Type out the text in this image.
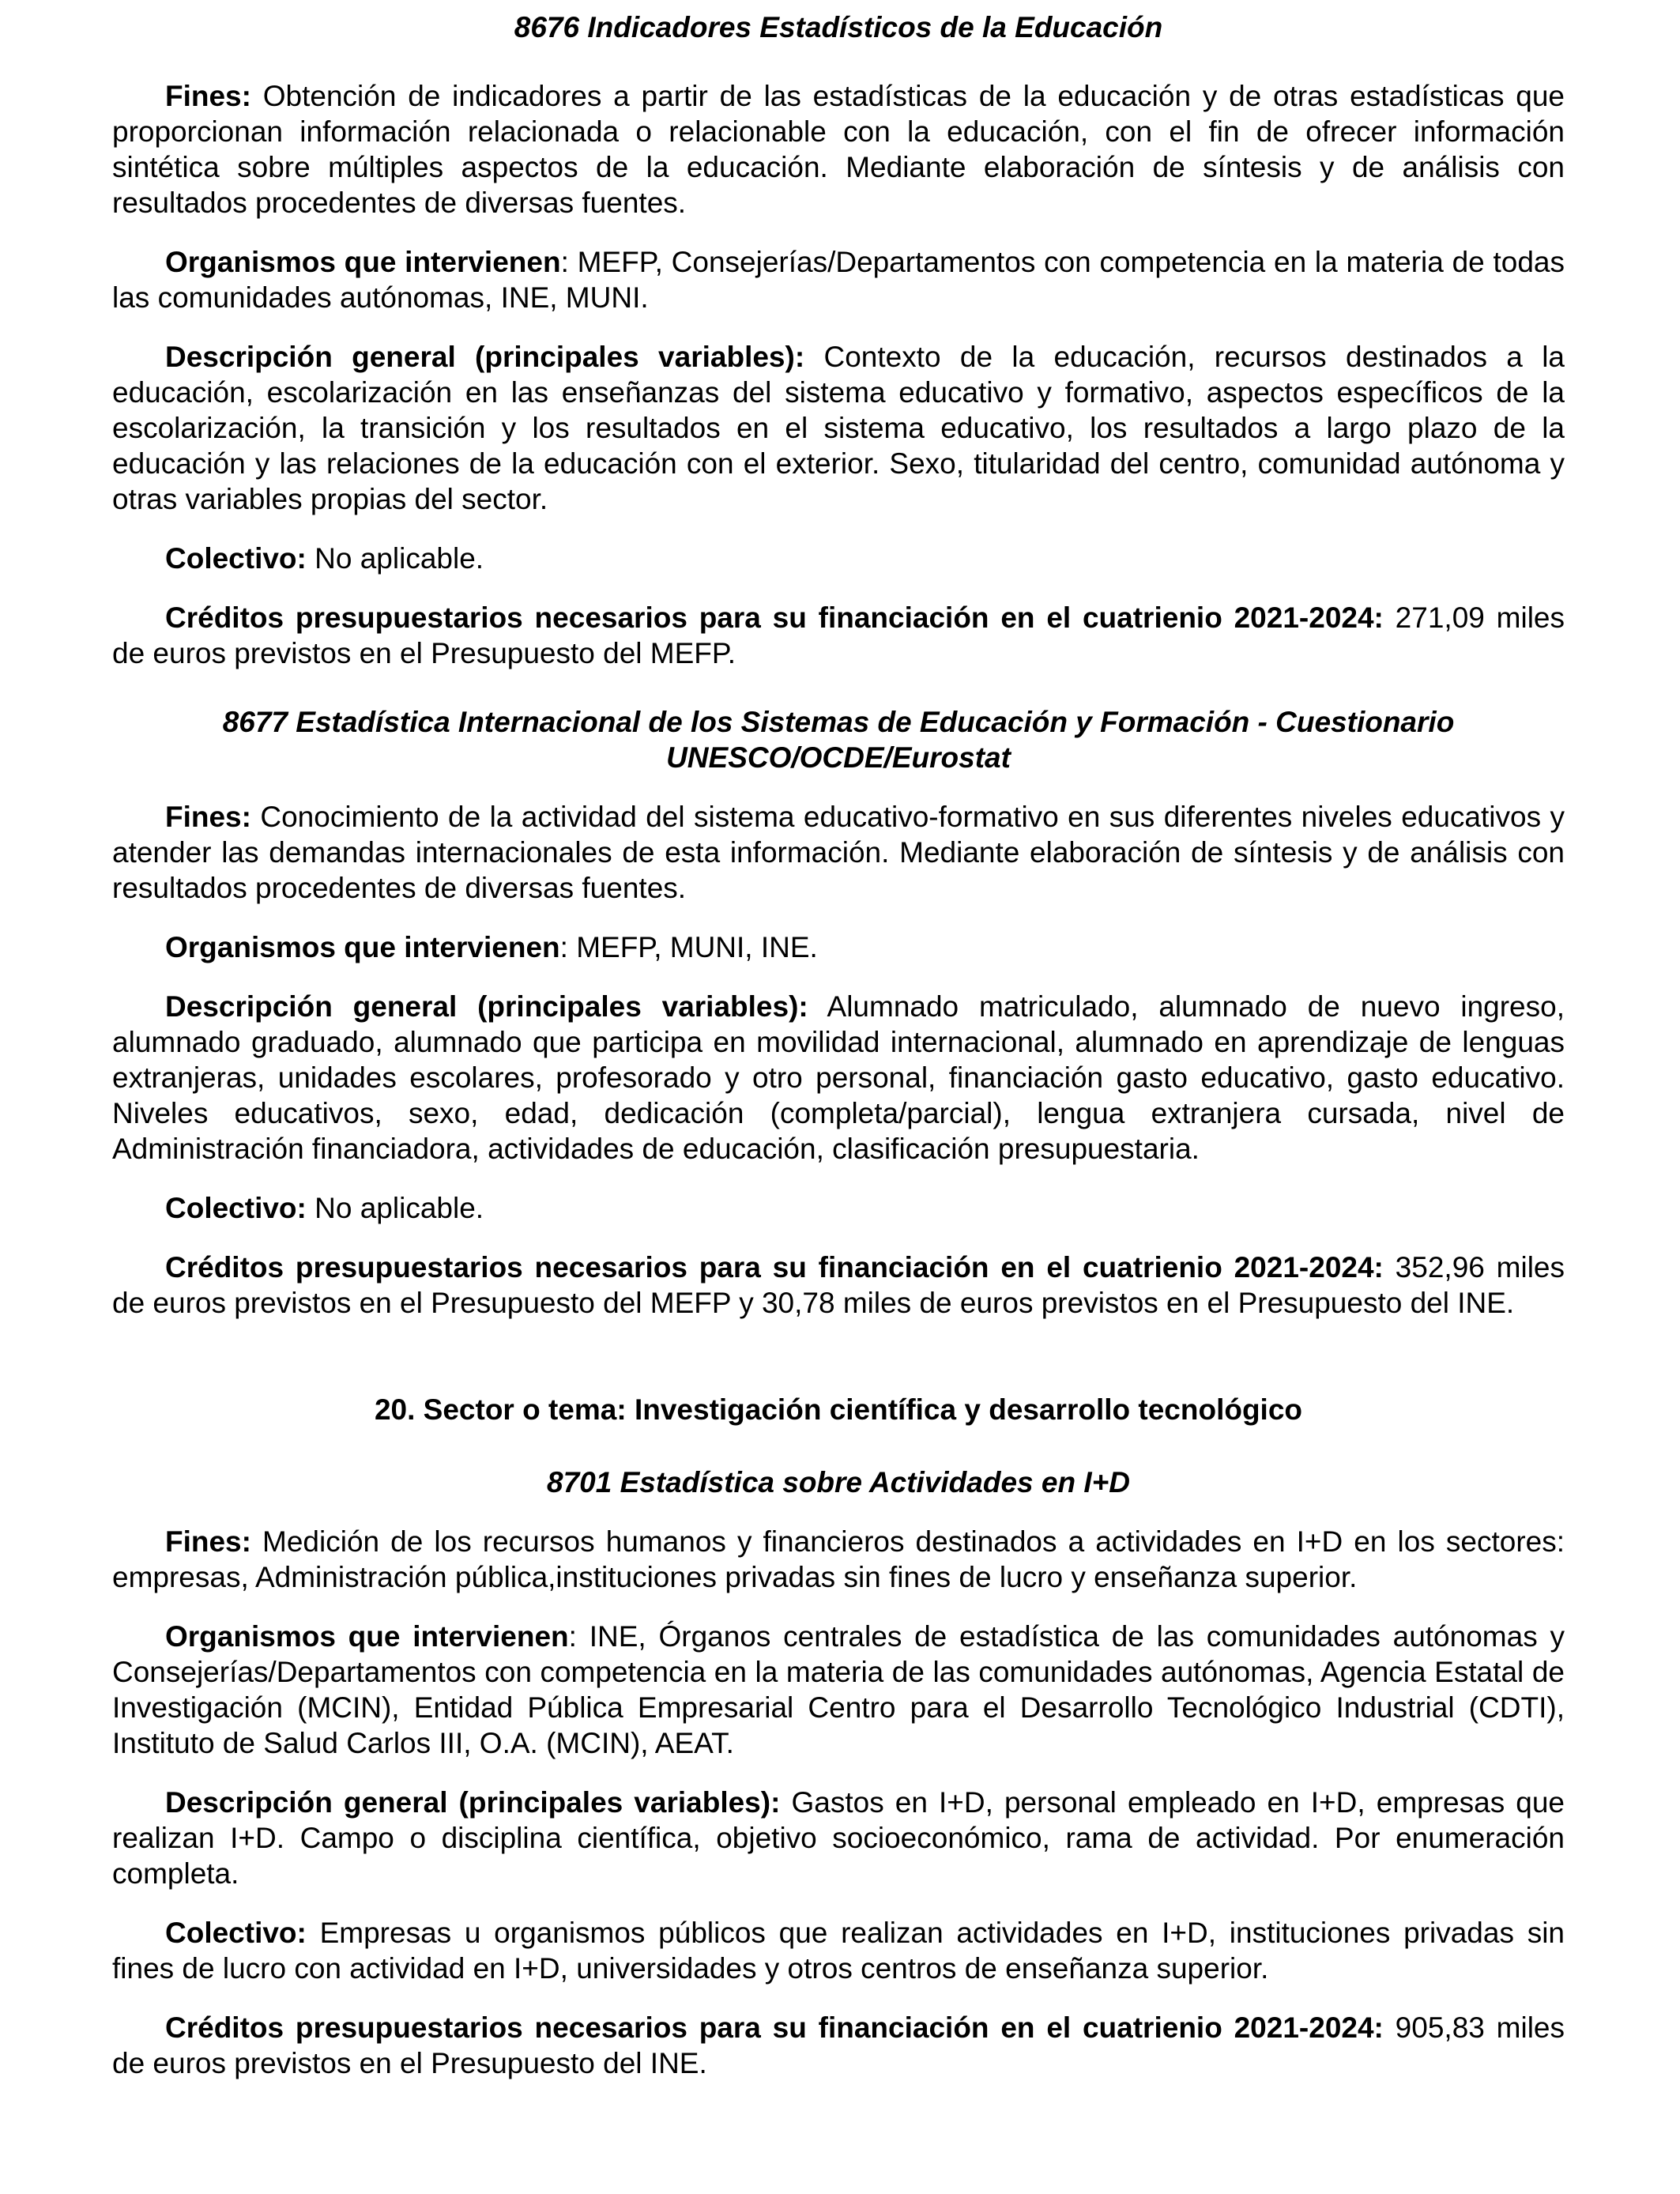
8676 Indicadores Estadísticos de la Educación

Fines: Obtención de indicadores a partir de las estadísticas de la educación y de otras estadísticas que proporcionan información relacionada o relacionable con la educación, con el fin de ofrecer información sintética sobre múltiples aspectos de la educación. Mediante elaboración de síntesis y de análisis con resultados procedentes de diversas fuentes.

Organismos que intervienen: MEFP, Consejerías/Departamentos con competencia en la materia de todas las comunidades autónomas, INE, MUNI.

Descripción general (principales variables): Contexto de la educación, recursos destinados a la educación, escolarización en las enseñanzas del sistema educativo y formativo, aspectos específicos de la escolarización, la transición y los resultados en el sistema educativo, los resultados a largo plazo de la educación y las relaciones de la educación con el exterior. Sexo, titularidad del centro, comunidad autónoma y otras variables propias del sector.

Colectivo: No aplicable.

Créditos presupuestarios necesarios para su financiación en el cuatrienio 2021-2024: 271,09 miles de euros previstos en el Presupuesto del MEFP.

8677 Estadística Internacional de los Sistemas de Educación y Formación - Cuestionario
UNESCO/OCDE/Eurostat

Fines: Conocimiento de la actividad del sistema educativo-formativo en sus diferentes niveles educativos y atender las demandas internacionales de esta información. Mediante elaboración de síntesis y de análisis con resultados procedentes de diversas fuentes.

Organismos que intervienen: MEFP, MUNI, INE.

Descripción general (principales variables): Alumnado matriculado, alumnado de nuevo ingreso, alumnado graduado, alumnado que participa en movilidad internacional, alumnado en aprendizaje de lenguas extranjeras, unidades escolares, profesorado y otro personal, financiación gasto educativo, gasto educativo. Niveles educativos, sexo, edad, dedicación (completa/parcial), lengua extranjera cursada, nivel de Administración financiadora, actividades de educación, clasificación presupuestaria.

Colectivo: No aplicable.

Créditos presupuestarios necesarios para su financiación en el cuatrienio 2021-2024: 352,96 miles de euros previstos en el Presupuesto del MEFP y 30,78 miles de euros previstos en el Presupuesto del INE.

20. Sector o tema: Investigación científica y desarrollo tecnológico
8701 Estadística sobre Actividades en I+D

Fines: Medición de los recursos humanos y financieros destinados a actividades en I+D en los sectores: empresas, Administración pública,instituciones privadas sin fines de lucro y enseñanza superior.

Organismos que intervienen: INE, Órganos centrales de estadística de las comunidades autónomas y Consejerías/Departamentos con competencia en la materia de las comunidades autónomas, Agencia Estatal de Investigación (MCIN), Entidad Pública Empresarial Centro para el Desarrollo Tecnológico Industrial (CDTI), Instituto de Salud Carlos III, O.A. (MCIN), AEAT.

Descripción general (principales variables): Gastos en I+D, personal empleado en I+D, empresas que realizan I+D. Campo o disciplina científica, objetivo socioeconómico, rama de actividad. Por enumeración completa.

Colectivo: Empresas u organismos públicos que realizan actividades en I+D, instituciones privadas sin fines de lucro con actividad en I+D, universidades y otros centros de enseñanza superior.

Créditos presupuestarios necesarios para su financiación en el cuatrienio 2021-2024: 905,83 miles de euros previstos en el Presupuesto del INE.
